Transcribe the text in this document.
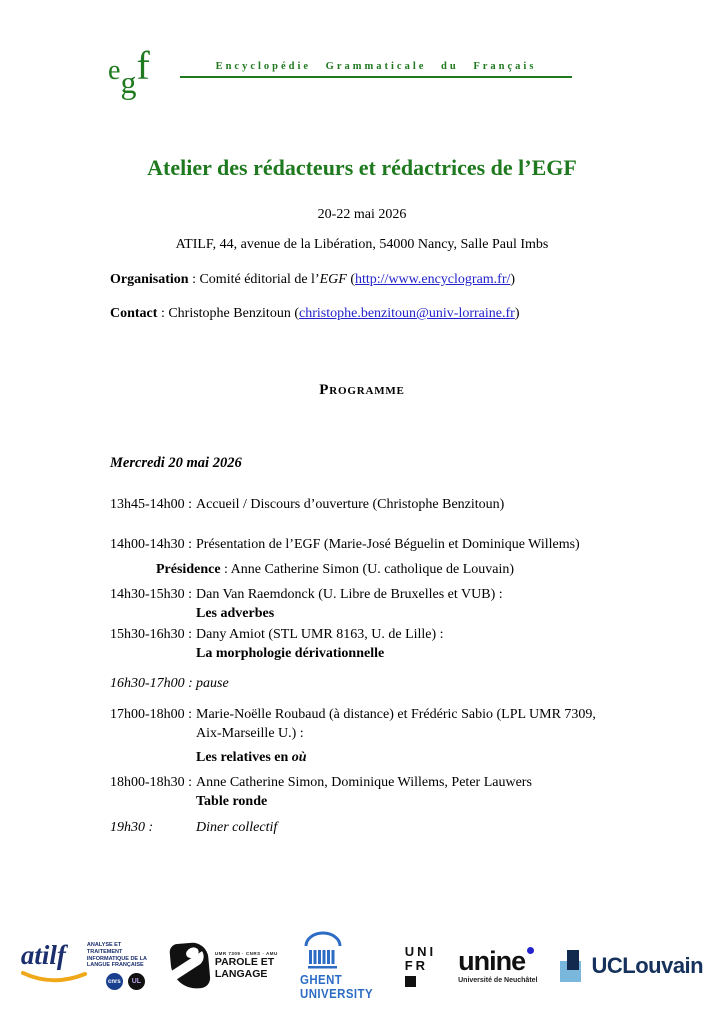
egf	Encyclopédie Grammaticale du Français
Atelier des rédacteurs et rédactrices de l’EGF
20-22 mai 2026
ATILF, 44, avenue de la Libération, 54000 Nancy, Salle Paul Imbs
Organisation : Comité éditorial de l’EGF (http://www.encyclogram.fr/)
Contact : Christophe Benzitoun (christophe.benzitoun@univ-lorraine.fr)
Programme
Mercredi 20 mai 2026
13h45-14h00 : Accueil / Discours d’ouverture (Christophe Benzitoun)
14h00-14h30 : Présentation de l’EGF (Marie-José Béguelin et Dominique Willems)
Présidence : Anne Catherine Simon (U. catholique de Louvain)
14h30-15h30 : Dan Van Raemdonck (U. Libre de Bruxelles et VUB) :
Les adverbes
15h30-16h30 : Dany Amiot (STL UMR 8163, U. de Lille) :
La morphologie dérivationnelle
16h30-17h00 : pause
17h00-18h00 : Marie-Noëlle Roubaud (à distance) et Frédéric Sabio (LPL UMR 7309, Aix-Marseille U.) :
Les relatives en où
18h00-18h30 : Anne Catherine Simon, Dominique Willems, Peter Lauwers
Table ronde
19h30 :	Diner collectif
atilf	ANALYSE ET TRAITEMENT INFORMATIQUE DE LA LANGUE FRANÇAISE
cnrs	UL
UMR 7309 · CNRS · AMU
PAROLE ET
LANGAGE	GHENT
UNIVERSITY
UNI
FR unine
Université de Neuchâtel
UCLouvain
